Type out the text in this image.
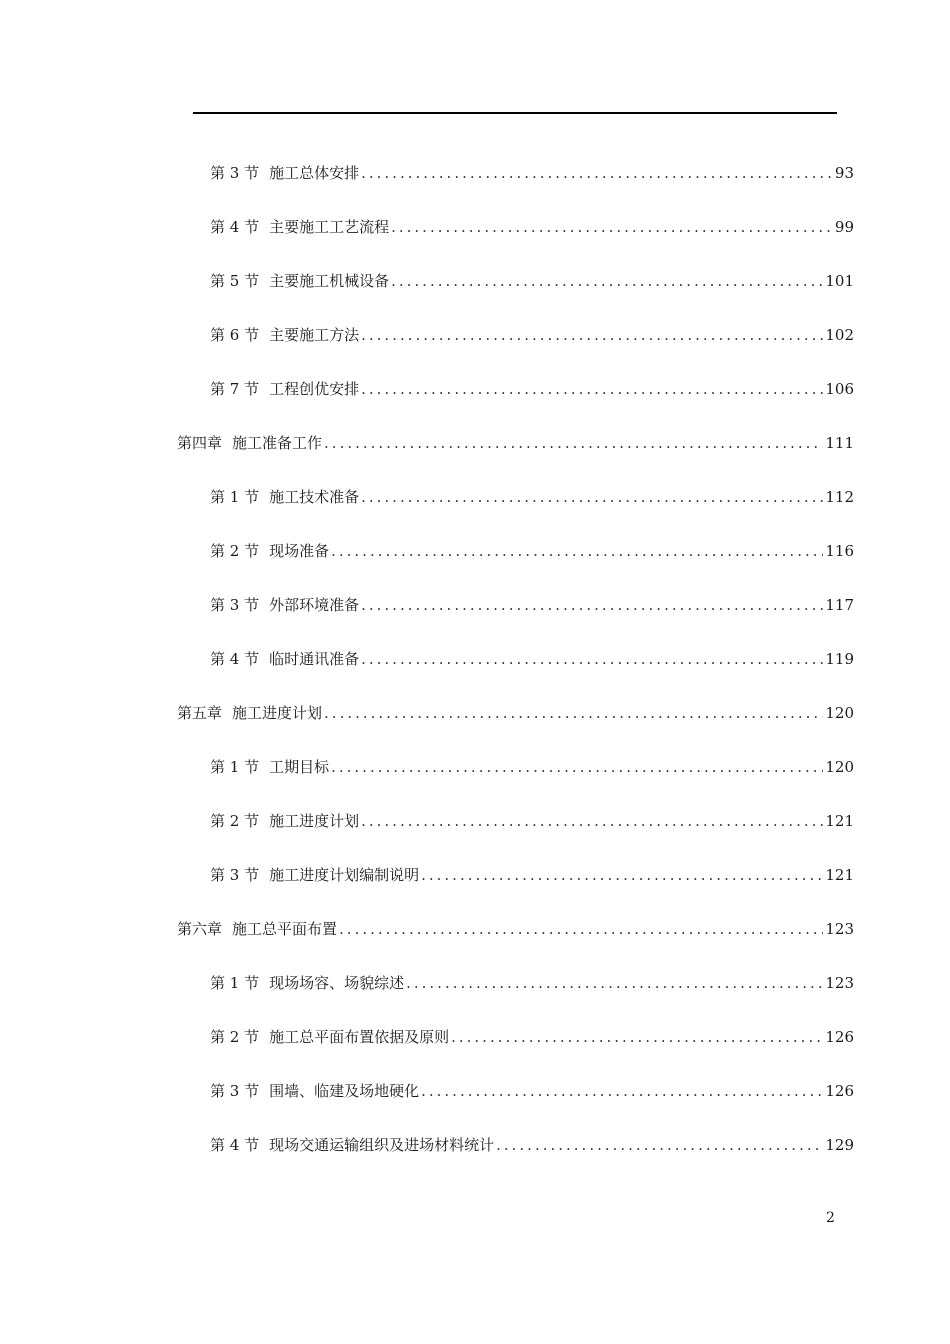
第 3 节 施工总体安排 .....	93
第 4 节 主要施工工艺流程 .....	99
第 5 节 主要施工机械设备 .....	101
第 6 节 主要施工方法 .....	102
第 7 节 工程创优安排 .....	106
第四章 施工准备工作 .....	111
第 1 节 施工技术准备 .....	112
第 2 节 现场准备 .....	116
第 3 节 外部环境准备 .....	117
第 4 节 临时通讯准备 .....	119
第五章 施工进度计划 .....	120
第 1 节 工期目标 .....	120
第 2 节 施工进度计划 .....	121
第 3 节 施工进度计划编制说明 .....	121
第六章 施工总平面布置 .....	123
第 1 节 现场场容、场貌综述 .....	123
第 2 节 施工总平面布置依据及原则 .....	126
第 3 节 围墙、临建及场地硬化 .....	126
第 4 节 现场交通运输组织及进场材料统计 .....	129
2
